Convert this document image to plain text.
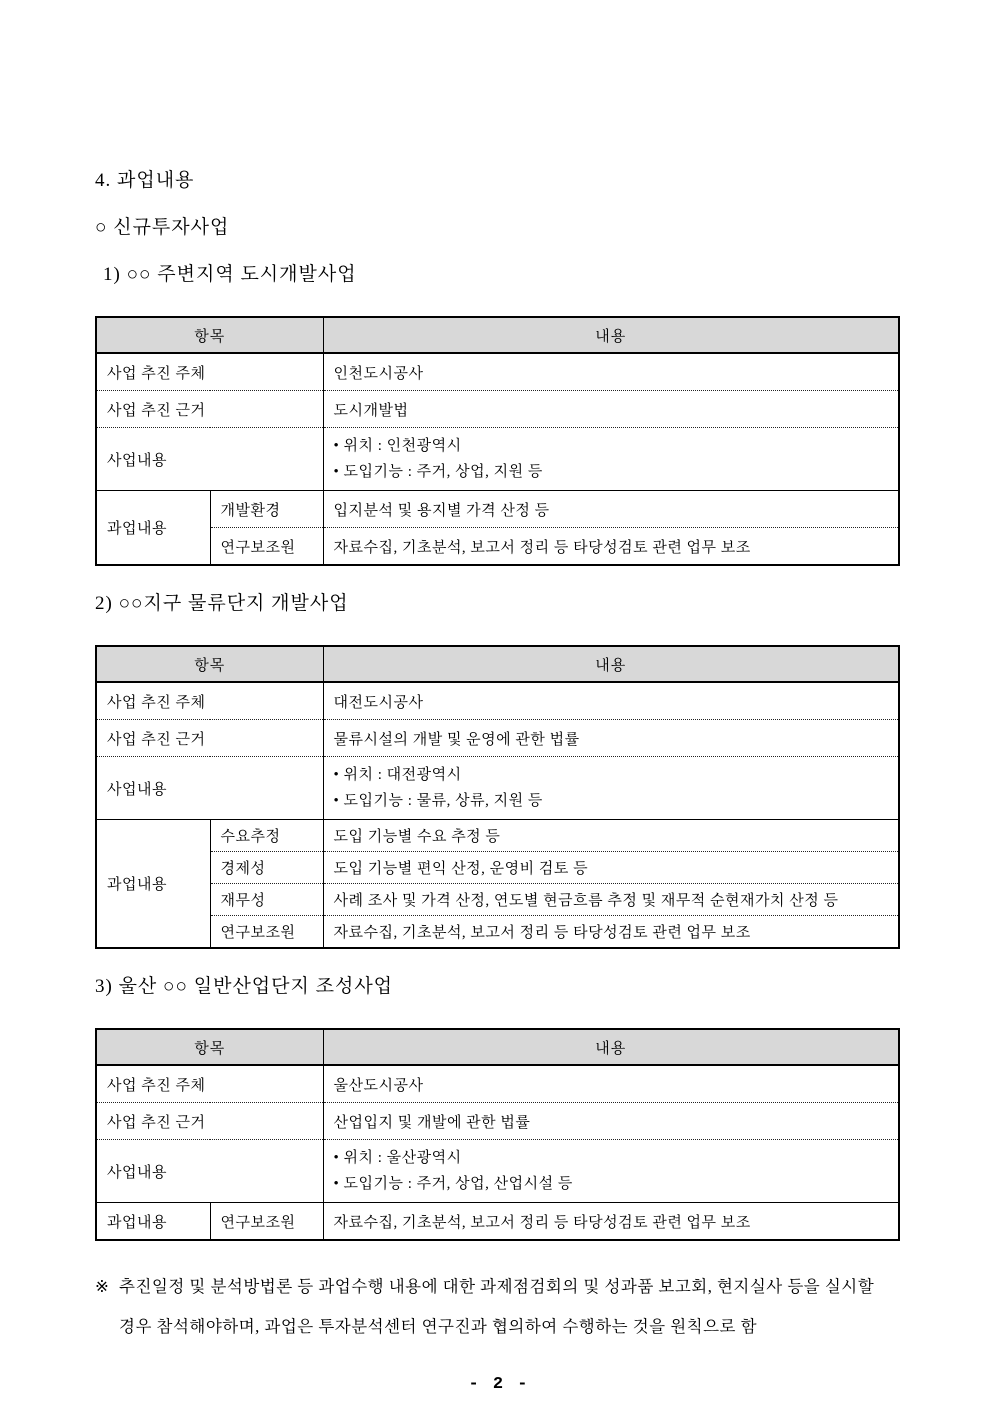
4. 과업내용
○ 신규투자사업
1) ○○ 주변지역 도시개발사업
항목		내용
사업 추진 주체		인천도시공사
사업 추진 근거		도시개발법
사업내용		• 위치 : 인천광역시
• 도입기능 : 주거, 상업, 지원 등

과업내용	개발환경	입지분석 및 용지별 가격 산정 등
	연구보조원	자료수집, 기초분석, 보고서 정리 등 타당성검토 관련 업무 보조
2) ○○지구 물류단지 개발사업
항목		내용
사업 추진 주체		대전도시공사
사업 추진 근거		물류시설의 개발 및 운영에 관한 법률
사업내용		• 위치 : 대전광역시
• 도입기능 : 물류, 상류, 지원 등

과업내용	수요추정	도입 기능별 수요 추정 등
	경제성	도입 기능별 편익 산정, 운영비 검토 등
	재무성	사례 조사 및 가격 산정, 연도별 현금흐름 추정 및 재무적 순현재가치 산정 등
	연구보조원	자료수집, 기초분석, 보고서 정리 등 타당성검토 관련 업무 보조
3) 울산 ○○ 일반산업단지 조성사업
항목		내용
사업 추진 주체		울산도시공사
사업 추진 근거		산업입지 및 개발에 관한 법률
사업내용		• 위치 : 울산광역시
• 도입기능 : 주거, 상업, 산업시설 등

과업내용	연구보조원	자료수집, 기초분석, 보고서 정리 등 타당성검토 관련 업무 보조
※ 추진일정 및 분석방법론 등 과업수행 내용에 대한 과제점검회의 및 성과품 보고회, 현지실사 등을 실시할
경우 참석해야하며, 과업은 투자분석센터 연구진과 협의하여 수행하는 것을 원칙으로 함
- 2 -
